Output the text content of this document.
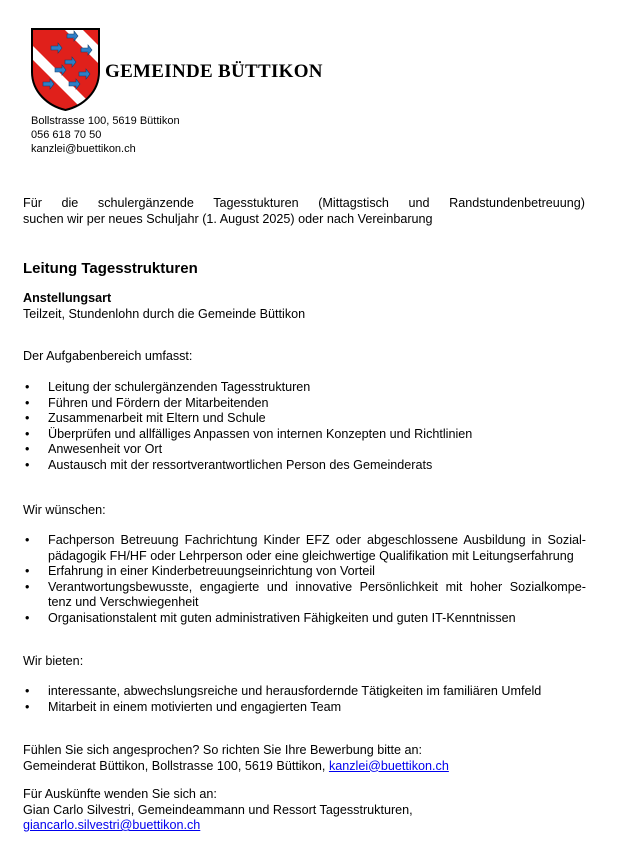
GEMEINDE BÜTTIKON
Bollstrasse 100, 5619 Büttikon
056 618 70 50
kanzlei@buettikon.ch
Für die schulergänzende Tagesstukturen (Mittagstisch und Randstundenbetreuung)
suchen wir per neues Schuljahr (1. August 2025) oder nach Vereinbarung
Leitung Tagesstrukturen
Anstellungsart
Teilzeit, Stundenlohn durch die Gemeinde Büttikon
Der Aufgabenbereich umfasst:
• Leitung der schulergänzenden Tagesstrukturen
• Führen und Fördern der Mitarbeitenden
• Zusammenarbeit mit Eltern und Schule
• Überprüfen und allfälliges Anpassen von internen Konzepten und Richtlinien
• Anwesenheit vor Ort
• Austausch mit der ressortverantwortlichen Person des Gemeinderats
Wir wünschen:
• Fachperson Betreuung Fachrichtung Kinder EFZ oder abgeschlossene Ausbildung in Sozial-
pädagogik FH/HF oder Lehrperson oder eine gleichwertige Qualifikation mit Leitungserfahrung
• Erfahrung in einer Kinderbetreuungseinrichtung von Vorteil
• Verantwortungsbewusste, engagierte und innovative Persönlichkeit mit hoher Sozialkompe-
tenz und Verschwiegenheit
• Organisationstalent mit guten administrativen Fähigkeiten und guten IT-Kenntnissen
Wir bieten:
• interessante, abwechslungsreiche und herausfordernde Tätigkeiten im familiären Umfeld
• Mitarbeit in einem motivierten und engagierten Team
Fühlen Sie sich angesprochen? So richten Sie Ihre Bewerbung bitte an:
Gemeinderat Büttikon, Bollstrasse 100, 5619 Büttikon, kanzlei@buettikon.ch
Für Auskünfte wenden Sie sich an:
Gian Carlo Silvestri, Gemeindeammann und Ressort Tagesstrukturen,
giancarlo.silvestri@buettikon.ch
